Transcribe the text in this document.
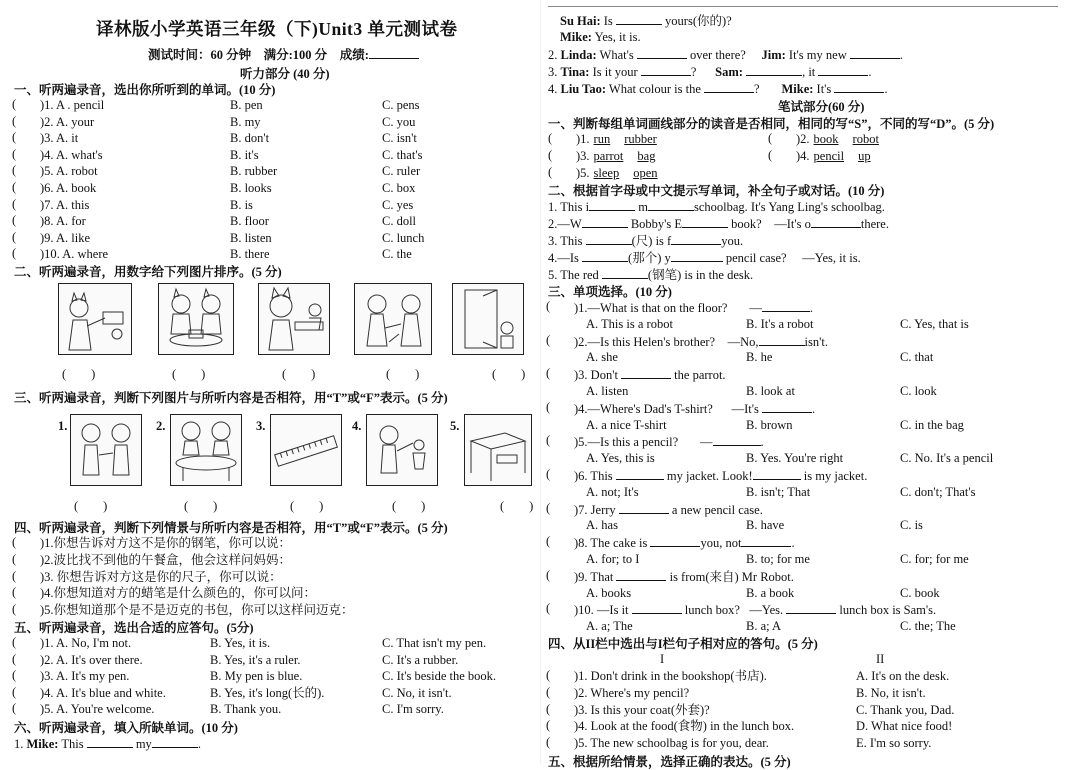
译林版小学英语三年级（下)Unit3 单元测试卷
测试时间：60 分钟 满分:100 分 成绩:
听力部分 (40 分)
一、听两遍录音，选出你所听到的单词。(10 分)
( )1. A . pencil	B. pen	C. pens
( )2. A. your	B. my	C. you
( )3. A. it	B. don't	C. isn't
( )4. A. what's	B. it's	C. that's
( )5. A. robot	B. rubber	C. ruler
( )6. A. book	B. looks	C. box
( )7. A. this	B. is	C. yes
( )8. A. for	B. floor	C. doll
( )9. A. like	B. listen	C. lunch
( )10. A. where	B. there	C. the
二、听两遍录音，用数字给下列图片排序。(5 分)
(        )	(        )	(        )	(        )	(        )
三、听两遍录音，判断下列图片与所听内容是否相符，用“T”或“F”表示。(5 分)
1.	2.	3.	4.	5.
(        )	(        )	(        )	(        )	(        )
四、听两遍录音，判断下列情景与所听内容是否相符，用“T”或“F”表示。(5 分)
( )1.你想告诉对方这不是你的钢笔，你可以说：
( )2.波比找不到他的午餐盒，他会这样问妈妈：
( )3. 你想告诉对方这是你的尺子，你可以说：
( )4.你想知道对方的蜡笔是什么颜色的，你可以问：
( )5.你想知道那个是不是迈克的书包，你可以这样问迈克：
五、听两遍录音，选出合适的应答句。(5分)
( )1. A. No, I'm not.	B. Yes, it is.	C. That isn't my pen.
( )2. A. It's over there.	B. Yes, it's a ruler.	C. It's a rubber.
( )3. A. It's my pen.	B. My pen is blue.	C. It's beside the book.
( )4. A. It's blue and white.	B. Yes, it's long(长的).	C. No, it isn't.
( )5. A. You're welcome.	B. Thank you.	C. I'm sorry.
六、听两遍录音，填入所缺单词。(10 分)
1. Mike: This	my	.
Su Hai: Is	yours(你的)?
Mike: Yes, it is.
2. Linda: What's	over there? Jim: It's my new	.
3. Tina: Is it your	? Sam:	, it	.
4. Liu Tao: What colour is the	? Mike: It's	.
笔试部分(60 分)
一、判断每组单词画线部分的读音是否相同，相同的写“S”，不同的写“D”。(5 分)
( )1. run rubber	( )2. book robot
( )3. parrot bag	( )4. pencil up
( )5. sleep open
二、根据首字母或中文提示写单词，补全句子或对话。(10 分)
1. This i	m	schoolbag. It's Yang Ling's schoolbag.
2.—W	Bobby's E	book? —It's o	there.
3. This	(尺) is f	you.
4.—Is	(那个) y	pencil case? —Yes, it is.
5. The red	(钢笔) is in the desk.
三、单项选择。(10 分)
( )1.—What is that on the floor? —	.
A. This is a robot	B. It's a robot	C. Yes, that is
( )2.—Is this Helen's brother? —No,	isn't.
A. she	B. he	C. that
( )3. Don't	the parrot.
A. listen	B. look at	C. look
( )4.—Where's Dad's T-shirt? —It's	.
A. a nice T-shirt	B. brown	C. in the bag
( )5.—Is this a pencil? —	.
A. Yes, this is	B. Yes. You're right	C. No. It's a pencil
( )6. This	my jacket. Look!	is my jacket.
A. not; It's	B. isn't; That	C. don't; That's
( )7. Jerry	a new pencil case.
A. has	B. have	C. is
( )8. The cake is	you, not	.
A. for; to I	B. to; for me	C. for; for me
( )9. That	is from(来自) Mr Robot.
A. books	B. a book	C. book
( )10. —Is it	lunch box? —Yes.	lunch box is Sam's.
A. a; The	B. a; A	C. the; The
四、从II栏中选出与I栏句子相对应的答句。(5 分)
I	II
( )1. Don't drink in the bookshop(书店).	A. It's on the desk.
( )2. Where's my pencil?	B. No, it isn't.
( )3. Is this your coat(外套)?	C. Thank you, Dad.
( )4. Look at the food(食物) in the lunch box.	D. What nice food!
( )5. The new schoolbag is for you, dear.	E. I'm so sorry.
五、根据所给情景，选择正确的表达。(5 分)
